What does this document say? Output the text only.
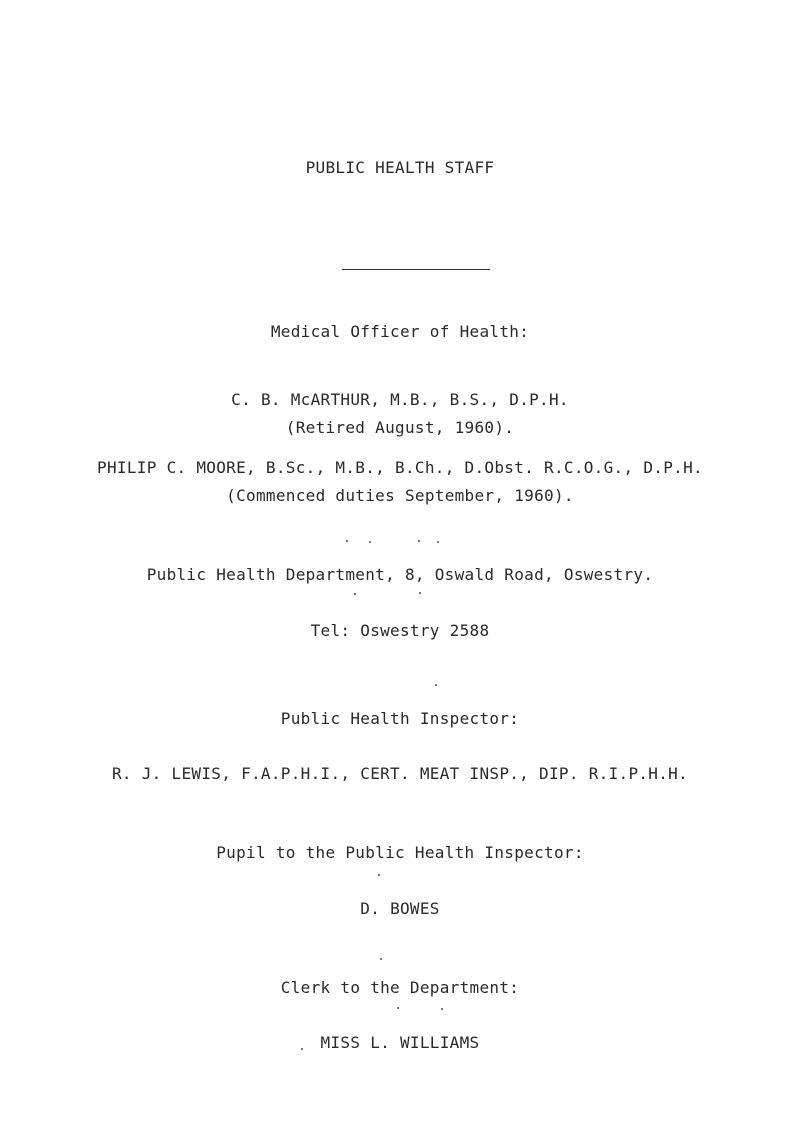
PUBLIC HEALTH STAFF
Medical Officer of Health:
C. B. McARTHUR, M.B., B.S., D.P.H.
(Retired August, 1960).
PHILIP C. MOORE, B.Sc., M.B., B.Ch., D.Obst. R.C.O.G., D.P.H.
(Commenced duties September, 1960).
Public Health Department, 8, Oswald Road, Oswestry.
Tel: Oswestry 2588
Public Health Inspector:
R. J. LEWIS, F.A.P.H.I., CERT. MEAT INSP., DIP. R.I.P.H.H.
Pupil to the Public Health Inspector:
D. BOWES
Clerk to the Department:
MISS L. WILLIAMS
